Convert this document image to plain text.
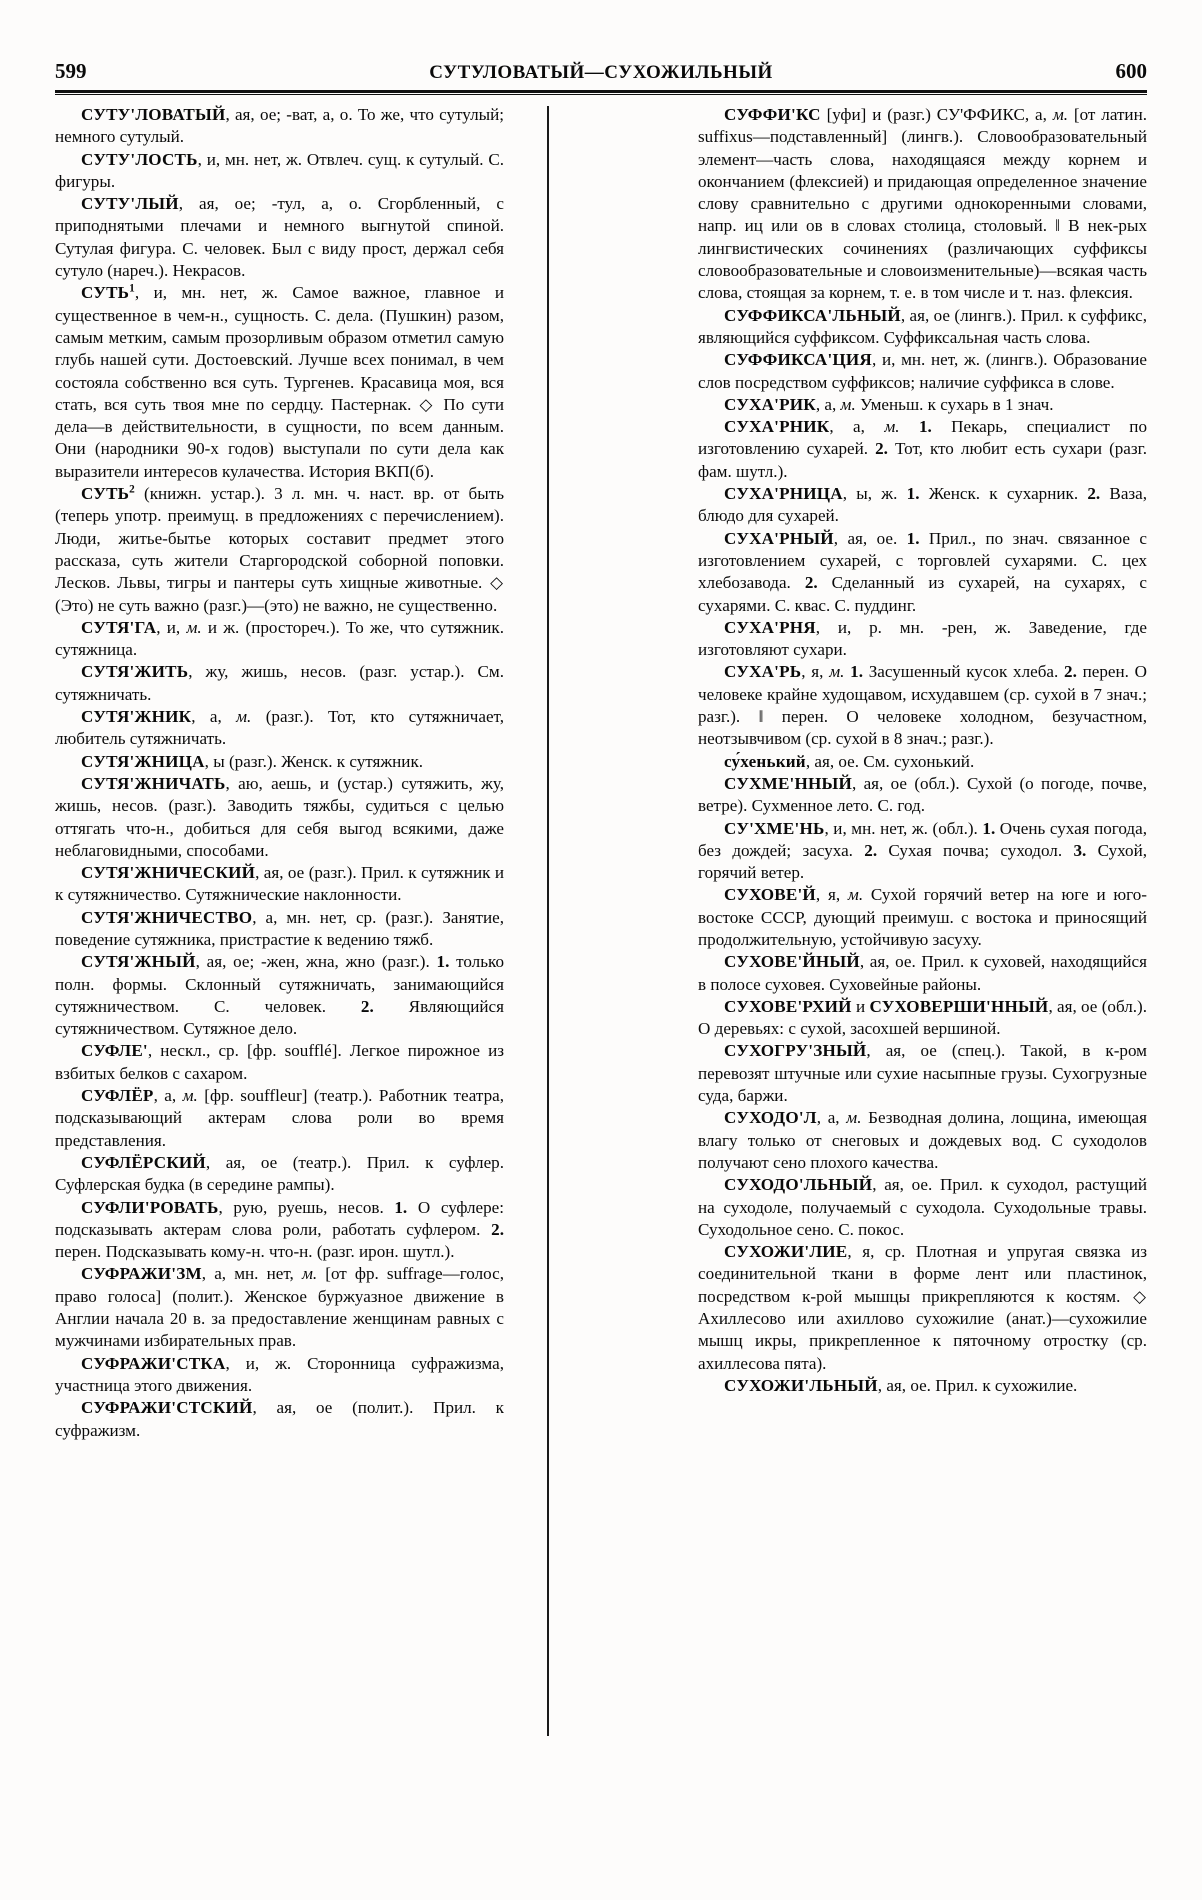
599	СУТУЛОВАТЫЙ—СУХОЖИЛЬНЫЙ	600

СУТУ'ЛОВАТЫЙ, ая, ое; -ват, а, о. То же, что сутулый; немного сутулый.

СУТУ'ЛОСТЬ, и, мн. нет, ж. Отвлеч. сущ. к сутулый. С. фигуры.

СУТУ'ЛЫЙ, ая, ое; -тул, а, о. Сгорбленный, с приподнятыми плечами и немного выгнутой спиной. Сутулая фигура. С. человек. Был с виду прост, держал себя сутуло (нареч.). Некрасов.

СУТЬ$^1$, и, мн. нет, ж. Самое важное, главное и существенное в чем-н., сущность. С. дела. (Пушкин) разом, самым метким, самым прозорливым образом отметил самую глубь нашей сути. Достоевский. Лучше всех понимал, в чем состояла собственно вся суть. Тургенев. Красавица моя, вся стать, вся суть твоя мне по сердцу. Пастернак. ◇ По сути дела—в действительности, в сущности, по всем данным. Они (народники 90-х годов) выступали по сути дела как выразители интересов кулачества. История ВКП(б).

СУТЬ$^2$ (книжн. устар.). 3 л. мн. ч. наст. вр. от быть (теперь употр. преимущ. в предложениях с перечислением). Люди, житье-бытье которых составит предмет этого рассказа, суть жители Старгородской соборной поповки. Лесков. Львы, тигры и пантеры суть хищные животные. ◇ (Это) не суть важно (разг.)—(это) не важно, не существенно.

СУТЯ'ГА, и, м. и ж. (простореч.). То же, что сутяжник. сутяжница.

СУТЯ'ЖИТЬ, жу, жишь, несов. (разг. устар.). См. сутяжничать.

СУТЯ'ЖНИК, а, м. (разг.). Тот, кто сутяжничает, любитель сутяжничать.

СУТЯ'ЖНИЦА, ы (разг.). Женск. к сутяжник.

СУТЯ'ЖНИЧАТЬ, аю, аешь, и (устар.) сутяжить, жу, жишь, несов. (разг.). Заводить тяжбы, судиться с целью оттягать что-н., добиться для себя выгод всякими, даже неблаговидными, способами.

СУТЯ'ЖНИЧЕСКИЙ, ая, ое (разг.). Прил. к сутяжник и к сутяжничество. Сутяжнические наклонности.

СУТЯ'ЖНИЧЕСТВО, а, мн. нет, ср. (разг.). Занятие, поведение сутяжника, пристрастие к ведению тяжб.

СУТЯ'ЖНЫЙ, ая, ое; -жен, жна, жно (разг.). 1. только полн. формы. Склонный сутяжничать, занимающийся сутяжничеством. С. человек. 2. Являющийся сутяжничеством. Сутяжное дело.

СУФЛЕ', нескл., ср. [фр. soufflé]. Легкое пирожное из взбитых белков с сахаром.

СУФЛЁР, а, м. [фр. souffleur] (театр.). Работник театра, подсказывающий актерам слова роли во время представления.

СУФЛЁРСКИЙ, ая, ое (театр.). Прил. к суфлер. Суфлерская будка (в середине рампы).

СУФЛИ'РОВАТЬ, рую, руешь, несов. 1. О суфлере: подсказывать актерам слова роли, работать суфлером. 2. перен. Подсказывать кому-н. что-н. (разг. ирон. шутл.).

СУФРАЖИ'ЗМ, а, мн. нет, м. [от фр. suffrage—голос, право голоса] (полит.). Женское буржуазное движение в Англии начала 20 в. за предоставление женщинам равных с мужчинами избирательных прав.

СУФРАЖИ'СТКА, и, ж. Сторонница суфражизма, участница этого движения.

СУФРАЖИ'СТСКИЙ, ая, ое (полит.). Прил. к суфражизм.

СУФФИ'КС [уфи] и (разг.) СУ'ФФИКС, а, м. [от латин. suffixus—подставленный] (лингв.). Словообразовательный элемент—часть слова, находящаяся между корнем и окончанием (флексией) и придающая определенное значение слову сравнительно с другими однокоренными словами, напр. иц или ов в словах столица, столовый. ‖ В нек-рых лингвистических сочинениях (различающих суффиксы словообразовательные и словоизменительные)—всякая часть слова, стоящая за корнем, т. е. в том числе и т. наз. флексия.

СУФФИКСА'ЛЬНЫЙ, ая, ое (лингв.). Прил. к суффикс, являющийся суффиксом. Суффиксальная часть слова.

СУФФИКСА'ЦИЯ, и, мн. нет, ж. (лингв.). Образование слов посредством суффиксов; наличие суффикса в слове.

СУХА'РИК, а, м. Уменьш. к сухарь в 1 знач.

СУХА'РНИК, а, м. 1. Пекарь, специалист по изготовлению сухарей. 2. Тот, кто любит есть сухари (разг. фам. шутл.).

СУХА'РНИЦА, ы, ж. 1. Женск. к сухарник. 2. Ваза, блюдо для сухарей.

СУХА'РНЫЙ, ая, ое. 1. Прил., по знач. связанное с изготовлением сухарей, с торговлей сухарями. С. цех хлебозавода. 2. Сделанный из сухарей, на сухарях, с сухарями. С. квас. С. пуддинг.

СУХА'РНЯ, и, р. мн. -рен, ж. Заведение, где изготовляют сухари.

СУХА'РЬ, я, м. 1. Засушенный кусок хлеба. 2. перен. О человеке крайне худощавом, исхудавшем (ср. сухой в 7 знач.; разг.). ‖ перен. О человеке холодном, безучастном, неотзывчивом (ср. сухой в 8 знач.; разг.).

су́хенький, ая, ое. См. сухонький.

СУХМЕ'ННЫЙ, ая, ое (обл.). Сухой (о погоде, почве, ветре). Сухменное лето. С. год.

СУ'ХМЕ'НЬ, и, мн. нет, ж. (обл.). 1. Очень сухая погода, без дождей; засуха. 2. Сухая почва; суходол. 3. Сухой, горячий ветер.

СУХОВЕ'Й, я, м. Сухой горячий ветер на юге и юго-востоке СССР, дующий преимуш. с востока и приносящий продолжительную, устойчивую засуху.

СУХОВЕ'ЙНЫЙ, ая, ое. Прил. к суховей, находящийся в полосе суховея. Суховейные районы.

СУХОВЕ'РХИЙ и СУХОВЕРШИ'ННЫЙ, ая, ое (обл.). О деревьях: с сухой, засохшей вершиной.

СУХОГРУ'ЗНЫЙ, ая, ое (спец.). Такой, в к-ром перевозят штучные или сухие насыпные грузы. Сухогрузные суда, баржи.

СУХОДО'Л, а, м. Безводная долина, лощина, имеющая влагу только от снеговых и дождевых вод. С суходолов получают сено плохого качества.

СУХОДО'ЛЬНЫЙ, ая, ое. Прил. к суходол, растущий на суходоле, получаемый с суходола. Суходольные травы. Суходольное сено. С. покос.

СУХОЖИ'ЛИЕ, я, ср. Плотная и упругая связка из соединительной ткани в форме лент или пластинок, посредством к-рой мышцы прикрепляются к костям. ◇ Ахиллесово или ахиллово сухожилие (анат.)—сухожилие мышц икры, прикрепленное к пяточному отростку (ср. ахиллесова пята).

СУХОЖИ'ЛЬНЫЙ, ая, ое. Прил. к сухожилие.
